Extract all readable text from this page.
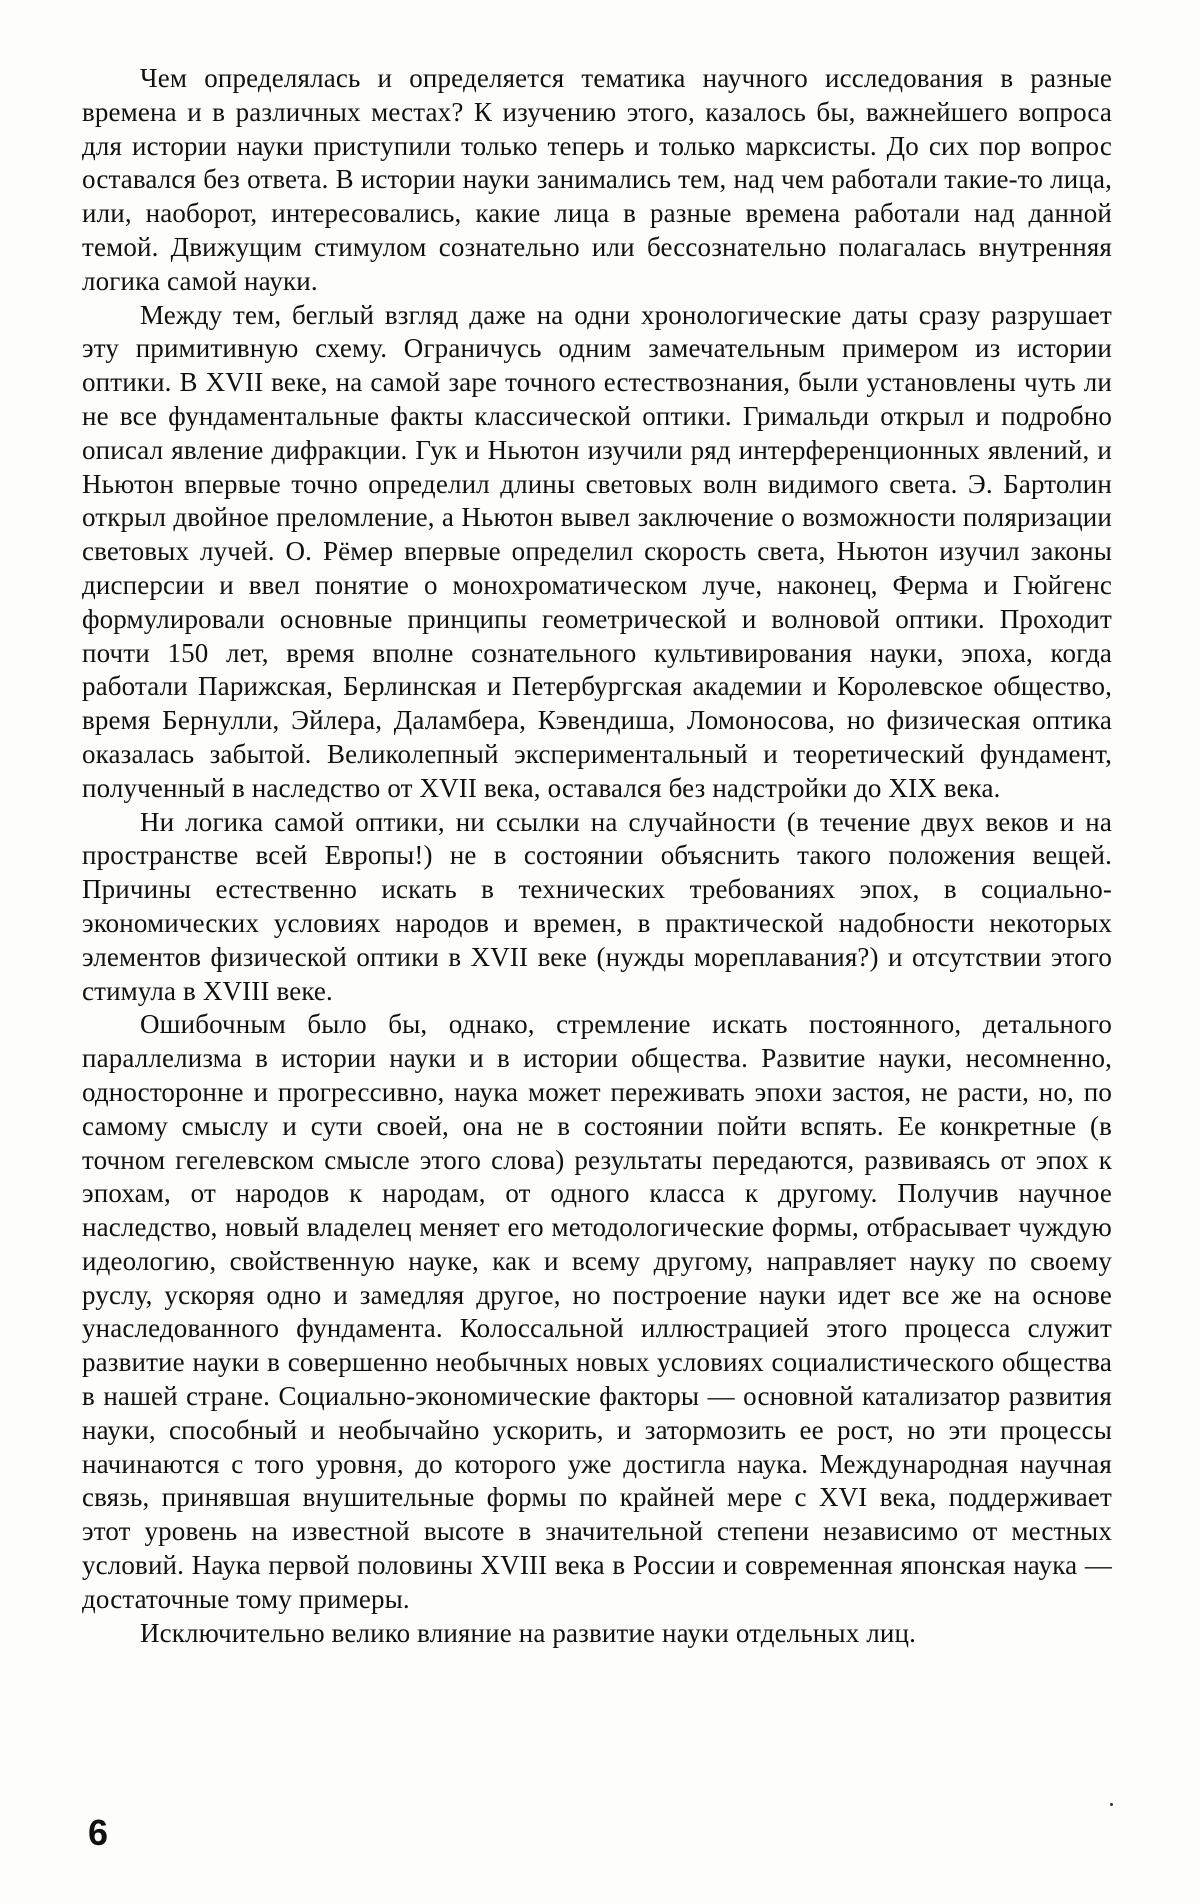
Чем определялась и определяется тематика научного исследования в разные времена и в различных местах? К изучению этого, казалось бы, важнейшего вопроса для истории науки приступили только теперь и только марксисты. До сих пор вопрос оставался без ответа. В истории науки занимались тем, над чем работали такие-то лица, или, наоборот, интересовались, какие лица в разные времена работали над данной темой. Движущим стимулом сознательно или бессознательно полагалась внутренняя логика самой науки.

Между тем, беглый взгляд даже на одни хронологические даты сразу разрушает эту примитивную схему. Ограничусь одним замечательным примером из истории оптики. В XVII веке, на самой заре точного естествознания, были установлены чуть ли не все фундаментальные факты классической оптики. Гримальди открыл и подробно описал явление дифракции. Гук и Ньютон изучили ряд интерференционных явлений, и Ньютон впервые точно определил длины световых волн видимого света. Э. Бартолин открыл двойное преломление, а Ньютон вывел заключение о возможности поляризации световых лучей. О. Рёмер впервые определил скорость света, Ньютон изучил законы дисперсии и ввел понятие о монохроматическом луче, наконец, Ферма и Гюйгенс формулировали основные принципы геометрической и волновой оптики. Проходит почти 150 лет, время вполне сознательного культивирования науки, эпоха, когда работали Парижская, Берлинская и Петербургская академии и Королевское общество, время Бернулли, Эйлера, Даламбера, Кэвендиша, Ломоносова, но физическая оптика оказалась забытой. Великолепный экспериментальный и теоретический фундамент, полученный в наследство от XVII века, оставался без надстройки до XIX века.

Ни логика самой оптики, ни ссылки на случайности (в течение двух веков и на пространстве всей Европы!) не в состоянии объяснить такого положения вещей. Причины естественно искать в технических требованиях эпох, в социально-экономических условиях народов и времен, в практической надобности некоторых элементов физической оптики в XVII веке (нужды мореплавания?) и отсутствии этого стимула в XVIII веке.

Ошибочным было бы, однако, стремление искать постоянного, детального параллелизма в истории науки и в истории общества. Развитие науки, несомненно, односторонне и прогрессивно, наука может переживать эпохи застоя, не расти, но, по самому смыслу и сути своей, она не в состоянии пойти вспять. Ее конкретные (в точном гегелевском смысле этого слова) результаты передаются, развиваясь от эпох к эпохам, от народов к народам, от одного класса к другому. Получив научное наследство, новый владелец меняет его методологические формы, отбрасывает чуждую идеологию, свойственную науке, как и всему другому, направляет науку по своему руслу, ускоряя одно и замедляя другое, но построение науки идет все же на основе унаследованного фундамента. Колоссальной иллюстрацией этого процесса служит развитие науки в совершенно необычных новых условиях социалистического общества в нашей стране. Социально-экономические факторы — основной катализатор развития науки, способный и необычайно ускорить, и затормозить ее рост, но эти процессы начинаются с того уровня, до которого уже достигла наука. Международная научная связь, принявшая внушительные формы по крайней мере с XVI века, поддерживает этот уровень на известной высоте в значительной степени независимо от местных условий. Наука первой половины XVIII века в России и современная японская наука — достаточные тому примеры.

Исключительно велико влияние на развитие науки отдельных лиц.

6
